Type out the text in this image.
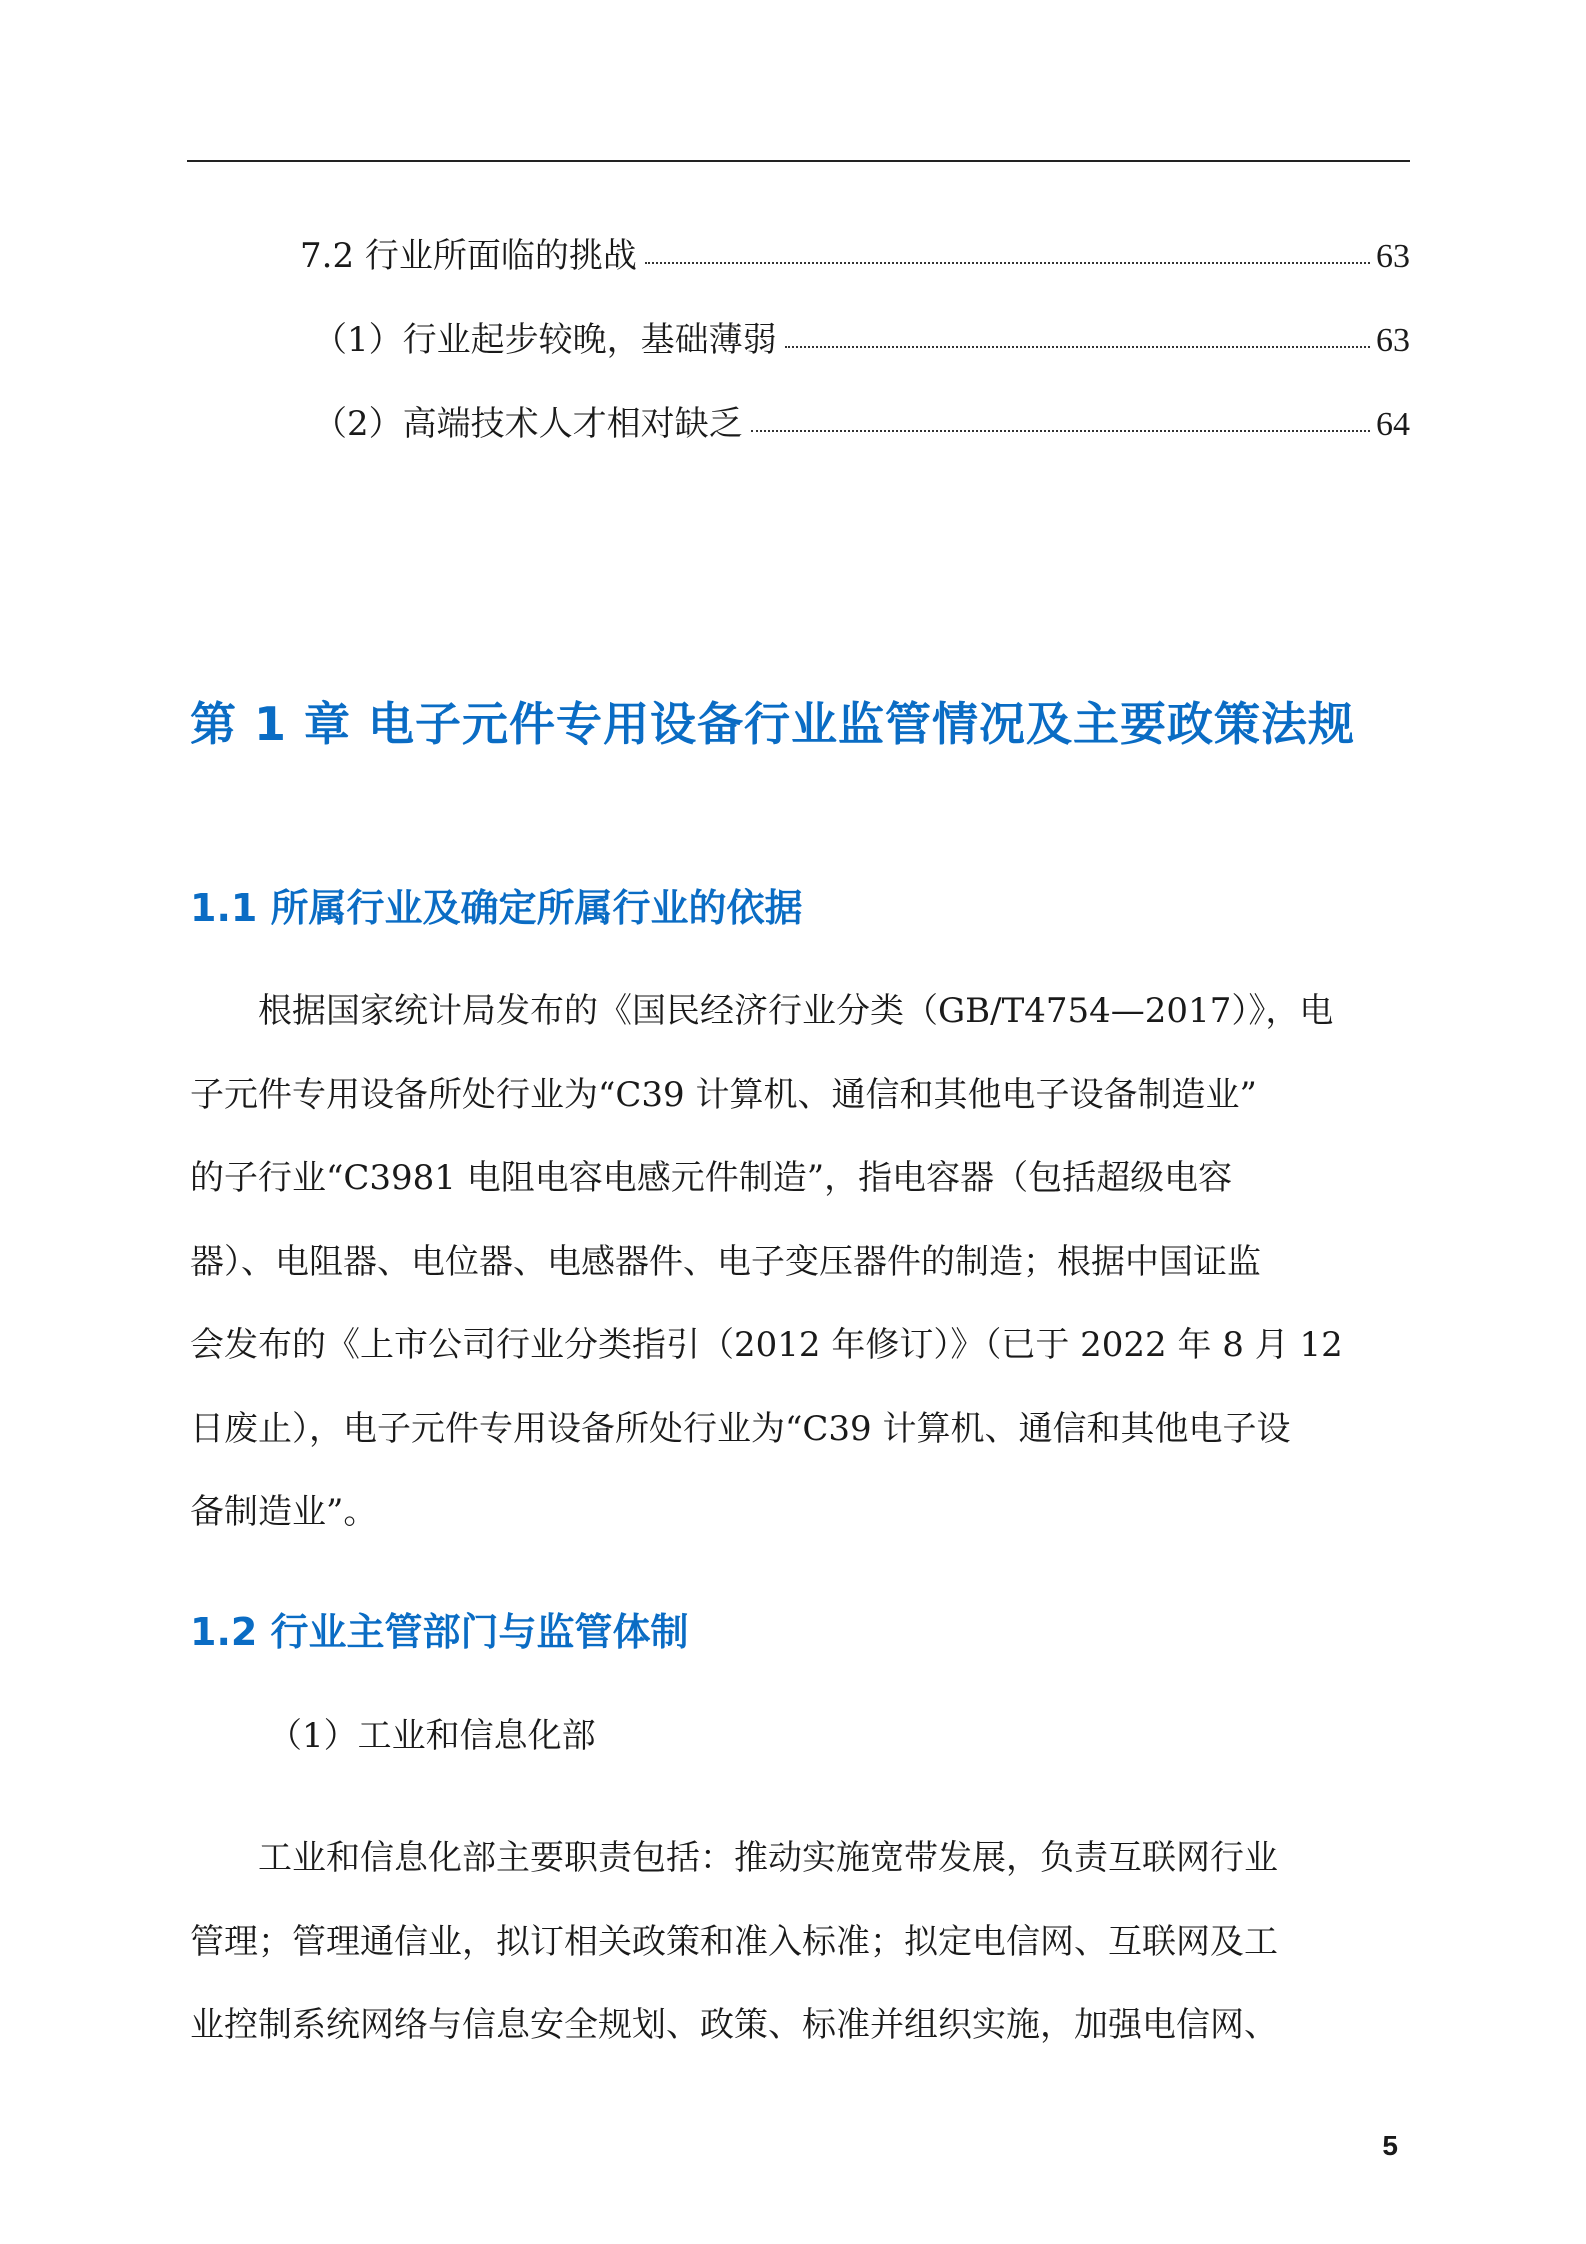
7.2 行业所面临的挑战	63
（1）行业起步较晚，基础薄弱	63
（2）高端技术人才相对缺乏	64
第 1 章 电子元件专用设备行业监管情况及主要政策法规
1.1 所属行业及确定所属行业的依据
　　根据国家统计局发布的《国民经济行业分类（GB/T4754—2017）》，电
子元件专用设备所处行业为“C39 计算机、通信和其他电子设备制造业”
的子行业“C3981 电阻电容电感元件制造”，指电容器（包括超级电容
器）、电阻器、电位器、电感器件、电子变压器件的制造；根据中国证监
会发布的《上市公司行业分类指引（2012 年修订）》（已于 2022 年 8 月 12
日废止），电子元件专用设备所处行业为“C39 计算机、通信和其他电子设
备制造业”。
1.2 行业主管部门与监管体制
（1）工业和信息化部
　　工业和信息化部主要职责包括：推动实施宽带发展，负责互联网行业
管理；管理通信业，拟订相关政策和准入标准；拟定电信网、互联网及工
业控制系统网络与信息安全规划、政策、标准并组织实施，加强电信网、
5
